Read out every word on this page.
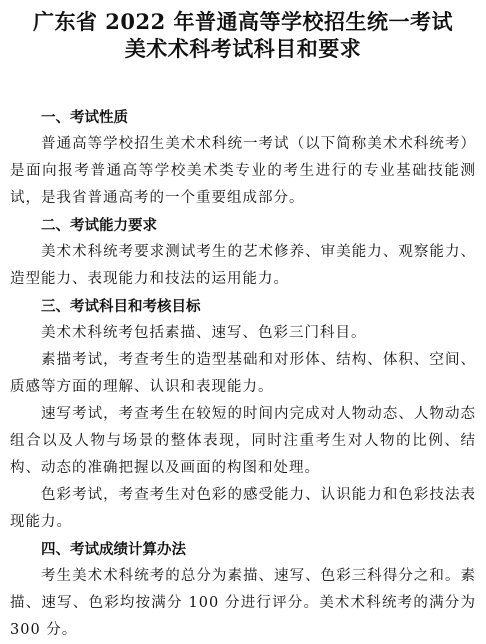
广东省 2022 年普通高等学校招生统一考试
美术术科考试科目和要求
一、考试性质

普通高等学校招生美术术科统一考试（以下简称美术术科统考）是面向报考普通高等学校美术类专业的考生进行的专业基础技能测试，是我省普通高考的一个重要组成部分。

二、考试能力要求

美术术科统考要求测试考生的艺术修养、审美能力、观察能力、造型能力、表现能力和技法的运用能力。

三、考试科目和考核目标

美术术科统考包括素描、速写、色彩三门科目。

素描考试，考查考生的造型基础和对形体、结构、体积、空间、质感等方面的理解、认识和表现能力。

速写考试，考查考生在较短的时间内完成对人物动态、人物动态组合以及人物与场景的整体表现，同时注重考生对人物的比例、结构、动态的准确把握以及画面的构图和处理。

色彩考试，考查考生对色彩的感受能力、认识能力和色彩技法表现能力。

四、考试成绩计算办法

考生美术术科统考的总分为素描、速写、色彩三科得分之和。素描、速写、色彩均按满分 100 分进行评分。美术术科统考的满分为 300 分。
